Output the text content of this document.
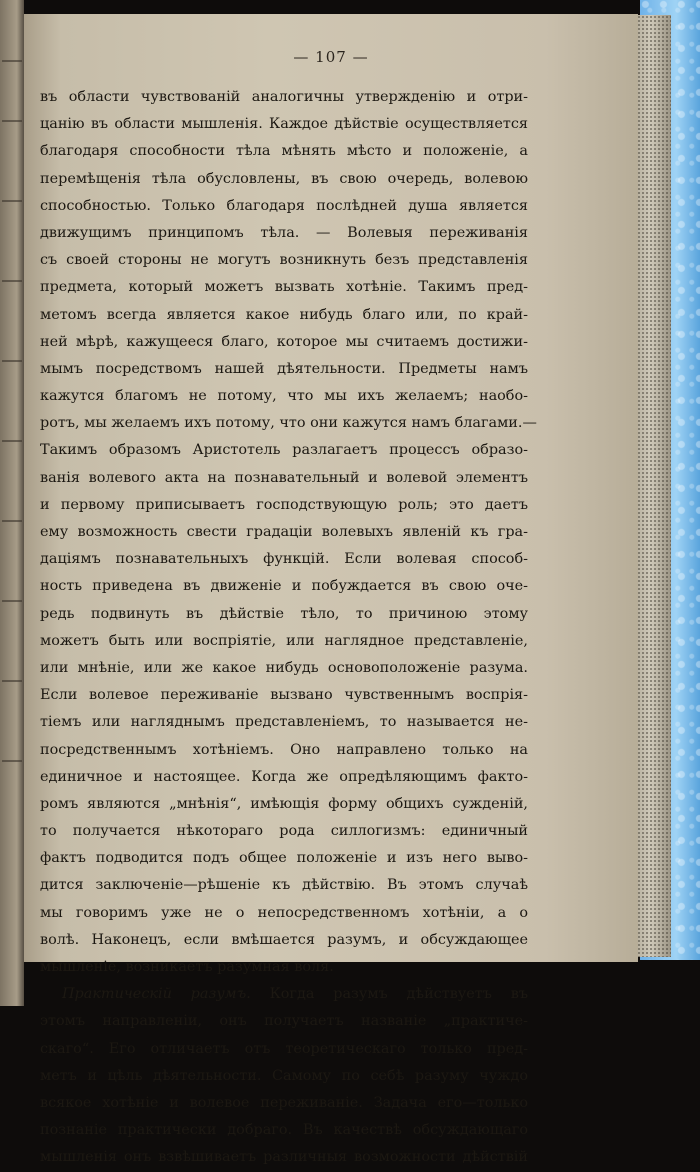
— 107 —
въ области чувствованій аналогичны утвержденію и отри-
цанію въ области мышленія. Каждое дѣйствіе осуществляется
благодаря способности тѣла мѣнять мѣсто и положеніе, а
перемѣщенія тѣла обусловлены, въ свою очередь, волевою
способностью. Только благодаря послѣдней душа является
движущимъ принципомъ тѣла. — Волевыя переживанія
съ своей стороны не могутъ возникнуть безъ представленія
предмета, который можетъ вызвать хотѣніе. Такимъ пред-
метомъ всегда является какое нибудь благо или, по край-
ней мѣрѣ, кажущееся благо, которое мы считаемъ достижи-
мымъ посредствомъ нашей дѣятельности. Предметы намъ
кажутся благомъ не потому, что мы ихъ желаемъ; наобо-
ротъ, мы желаемъ ихъ потому, что они кажутся намъ благами.—
Такимъ образомъ Аристотель разлагаетъ процессъ образо-
ванія волевого акта на познавательный и волевой элементъ
и первому приписываетъ господствующую роль; это даетъ
ему возможность свести градаціи волевыхъ явленій къ гра-
даціямъ познавательныхъ функцій. Если волевая способ-
ность приведена въ движеніе и побуждается въ свою оче-
редь подвинуть въ дѣйствіе тѣло, то причиною этому
можетъ быть или воспріятіе, или наглядное представленіе,
или мнѣніе, или же какое нибудь основоположеніе разума.
Если волевое переживаніе вызвано чувственнымъ воспрія-
тіемъ или нагляднымъ представленіемъ, то называется не-
посредственнымъ хотѣніемъ. Оно направлено только на
единичное и настоящее. Когда же опредѣляющимъ факто-
ромъ являются „мнѣнія“, имѣющія форму общихъ сужденій,
то получается нѣкотораго рода силлогизмъ: единичный
фактъ подводится подъ общее положеніе и изъ него выво-
дится заключеніе—рѣшеніе къ дѣйствію. Въ этомъ случаѣ
мы говоримъ уже не о непосредственномъ хотѣніи, а о
волѣ. Наконецъ, если вмѣшается разумъ, и обсуждающее
мышленіе, возникаетъ разумная воля.
Практическій разумъ. Когда разумъ дѣйствуетъ въ
этомъ направленіи, онъ получаетъ названіе „практиче-
скаго“. Его отличаетъ отъ теоретическаго только пред-
метъ и цѣль дѣятельности. Самому по себѣ разуму чуждо
всякое хотѣніе и волевое переживаніе. Задача его—только
познаніе практически добраго. Въ качествѣ обсуждающаго
мышленія онъ взвѣшиваетъ различныя возможности дѣйствій
